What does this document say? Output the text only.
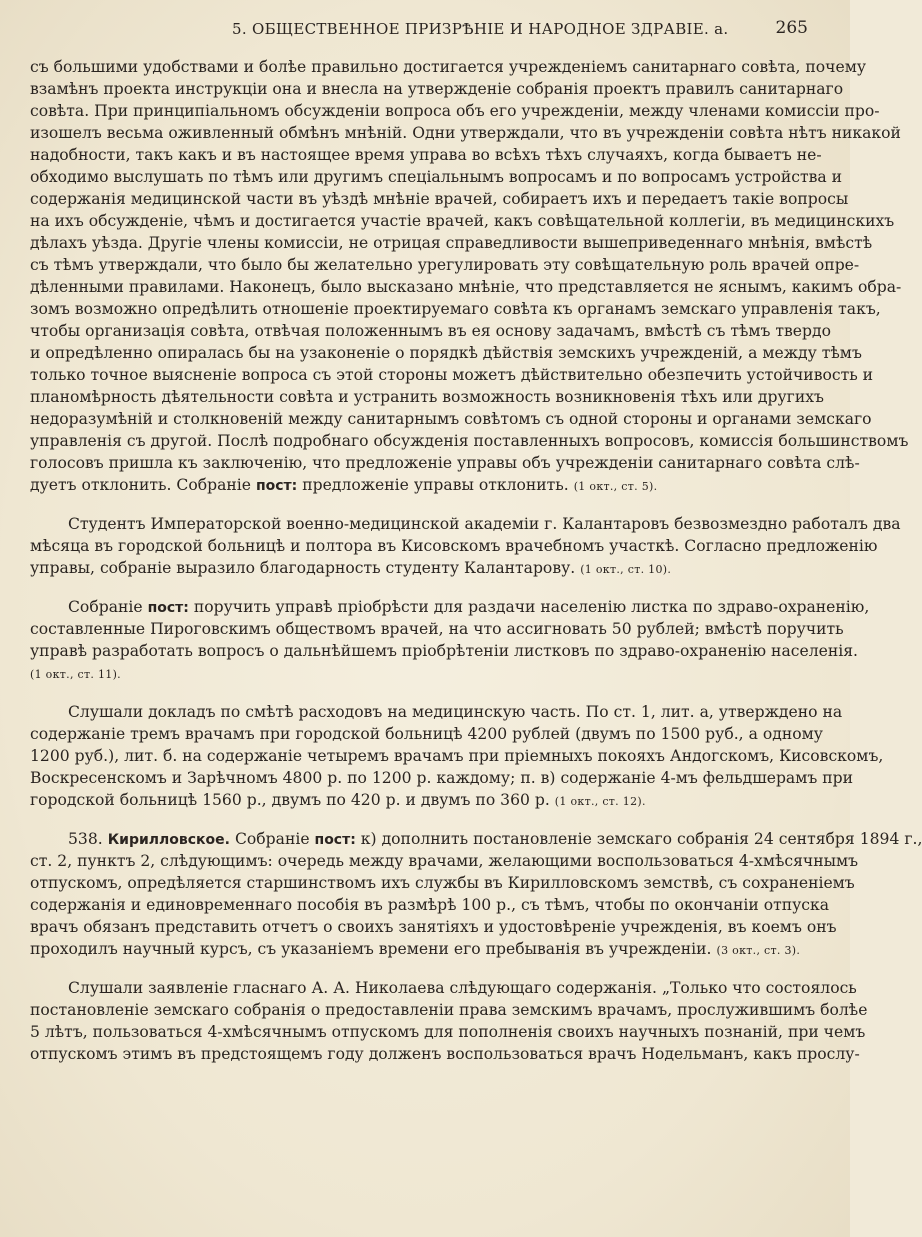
5. ОБЩЕСТВЕННОЕ ПРИЗРѢНІЕ И НАРОДНОЕ ЗДРАВІЕ. а.	265
съ большими удобствами и болѣе правильно достигается учрежденіемъ санитарнаго совѣта, почему
взамѣнъ проекта инструкціи она и внесла на утвержденіе собранія проектъ правилъ санитарнаго
совѣта. При принципіальномъ обсужденіи вопроса объ его учрежденіи, между членами комиссіи про-
изошелъ весьма оживленный обмѣнъ мнѣній. Одни утверждали, что въ учрежденіи совѣта нѣтъ никакой
надобности, такъ какъ и въ настоящее время управа во всѣхъ тѣхъ случаяхъ, когда бываетъ не-
обходимо выслушать по тѣмъ или другимъ спеціальнымъ вопросамъ и по вопросамъ устройства и
содержанія медицинской части въ уѣздѣ мнѣніе врачей, собираетъ ихъ и передаетъ такіе вопросы
на ихъ обсужденіе, чѣмъ и достигается участіе врачей, какъ совѣщательной коллегіи, въ медицинскихъ
дѣлахъ уѣзда. Другіе члены комиссіи, не отрицая справедливости вышеприведеннаго мнѣнія, вмѣстѣ
съ тѣмъ утверждали, что было бы желательно урегулировать эту совѣщательную роль врачей опре-
дѣленными правилами. Наконецъ, было высказано мнѣніе, что представляется не яснымъ, какимъ обра-
зомъ возможно опредѣлить отношеніе проектируемаго совѣта къ органамъ земскаго управленія такъ,
чтобы организація совѣта, отвѣчая положеннымъ въ ея основу задачамъ, вмѣстѣ съ тѣмъ твердо
и опредѣленно опиралась бы на узаконеніе о порядкѣ дѣйствія земскихъ учрежденій, а между тѣмъ
только точное выясненіе вопроса съ этой стороны можетъ дѣйствительно обезпечить устойчивость и
планомѣрность дѣятельности совѣта и устранить возможность возникновенія тѣхъ или другихъ
недоразумѣній и столкновеній между санитарнымъ совѣтомъ съ одной стороны и органами земскаго
управленія съ другой. Послѣ подробнаго обсужденія поставленныхъ вопросовъ, комиссія большинствомъ
голосовъ пришла къ заключенію, что предложеніе управы объ учрежденіи санитарнаго совѣта слѣ-
дуетъ отклонить. Собраніе пост: предложеніе управы отклонить. (1 окт., ст. 5).
Студентъ Императорской военно-медицинской академіи г. Калантаровъ безвозмездно работалъ два
мѣсяца въ городской больницѣ и полтора въ Кисовскомъ врачебномъ участкѣ. Согласно предложенію
управы, собраніе выразило благодарность студенту Калантарову. (1 окт., ст. 10).
Собраніе пост: поручить управѣ пріобрѣсти для раздачи населенію листка по здраво-охраненію,
составленные Пироговскимъ обществомъ врачей, на что ассигновать 50 рублей; вмѣстѣ поручить
управѣ разработать вопросъ о дальнѣйшемъ пріобрѣтеніи листковъ по здраво-охраненію населенія.
(1 окт., ст. 11).
Слушали докладъ по смѣтѣ расходовъ на медицинскую часть. По ст. 1, лит. а, утверждено на
содержаніе тремъ врачамъ при городской больницѣ 4200 рублей (двумъ по 1500 руб., а одному
1200 руб.), лит. б. на содержаніе четыремъ врачамъ при пріемныхъ покояхъ Андогскомъ, Кисовскомъ,
Воскресенскомъ и Зарѣчномъ 4800 р. по 1200 р. каждому; п. в) содержаніе 4-мъ фельдшерамъ при
городской больницѣ 1560 р., двумъ по 420 р. и двумъ по 360 р. (1 окт., ст. 12).
538. Кирилловское. Собраніе пост: к) дополнить постановленіе земскаго собранія 24 сентября 1894 г.,
ст. 2, пунктъ 2, слѣдующимъ: очередь между врачами, желающими воспользоваться 4-хмѣсячнымъ
отпускомъ, опредѣляется старшинствомъ ихъ службы въ Кирилловскомъ земствѣ, съ сохраненіемъ
содержанія и единовременнаго пособія въ размѣрѣ 100 р., съ тѣмъ, чтобы по окончаніи отпуска
врачъ обязанъ представить отчетъ о своихъ занятіяхъ и удостовѣреніе учрежденія, въ коемъ онъ
проходилъ научный курсъ, съ указаніемъ времени его пребыванія въ учрежденіи. (3 окт., ст. 3).
Слушали заявленіе гласнаго А. А. Николаева слѣдующаго содержанія. „Только что состоялось
постановленіе земскаго собранія о предоставленіи права земскимъ врачамъ, прослужившимъ болѣе
5 лѣтъ, пользоваться 4-хмѣсячнымъ отпускомъ для пополненія своихъ научныхъ познаній, при чемъ
отпускомъ этимъ въ предстоящемъ году долженъ воспользоваться врачъ Нодельманъ, какъ прослу-
